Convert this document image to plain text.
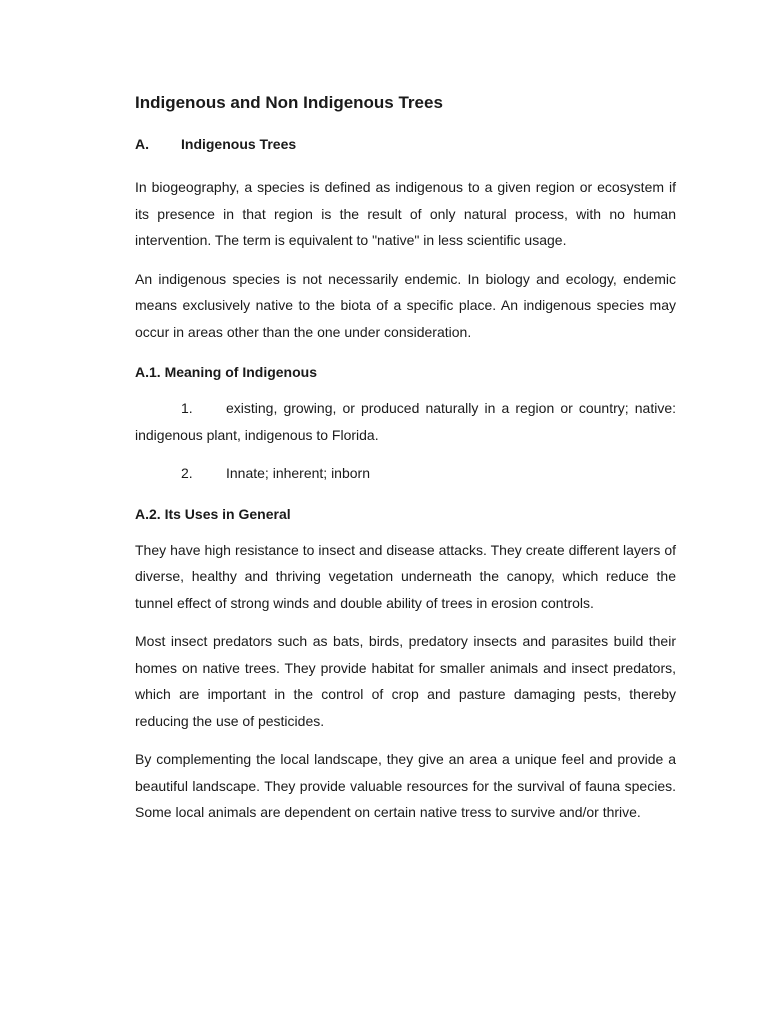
Indigenous and Non Indigenous Trees
A. Indigenous Trees

In biogeography, a species is defined as indigenous to a given region or ecosystem if its presence in that region is the result of only natural process, with no human intervention. The term is equivalent to "native" in less scientific usage.

An indigenous species is not necessarily endemic. In biology and ecology, endemic means exclusively native to the biota of a specific place. An indigenous species may occur in areas other than the one under consideration.

A.1. Meaning of Indigenous

1. existing, growing, or produced naturally in a region or country; native: indigenous plant, indigenous to Florida.

2. Innate; inherent; inborn

A.2. Its Uses in General

They have high resistance to insect and disease attacks. They create different layers of diverse, healthy and thriving vegetation underneath the canopy, which reduce the tunnel effect of strong winds and double ability of trees in erosion controls.

Most insect predators such as bats, birds, predatory insects and parasites build their homes on native trees. They provide habitat for smaller animals and insect predators, which are important in the control of crop and pasture damaging pests, thereby reducing the use of pesticides.

By complementing the local landscape, they give an area a unique feel and provide a beautiful landscape. They provide valuable resources for the survival of fauna species. Some local animals are dependent on certain native tress to survive and/or thrive.
